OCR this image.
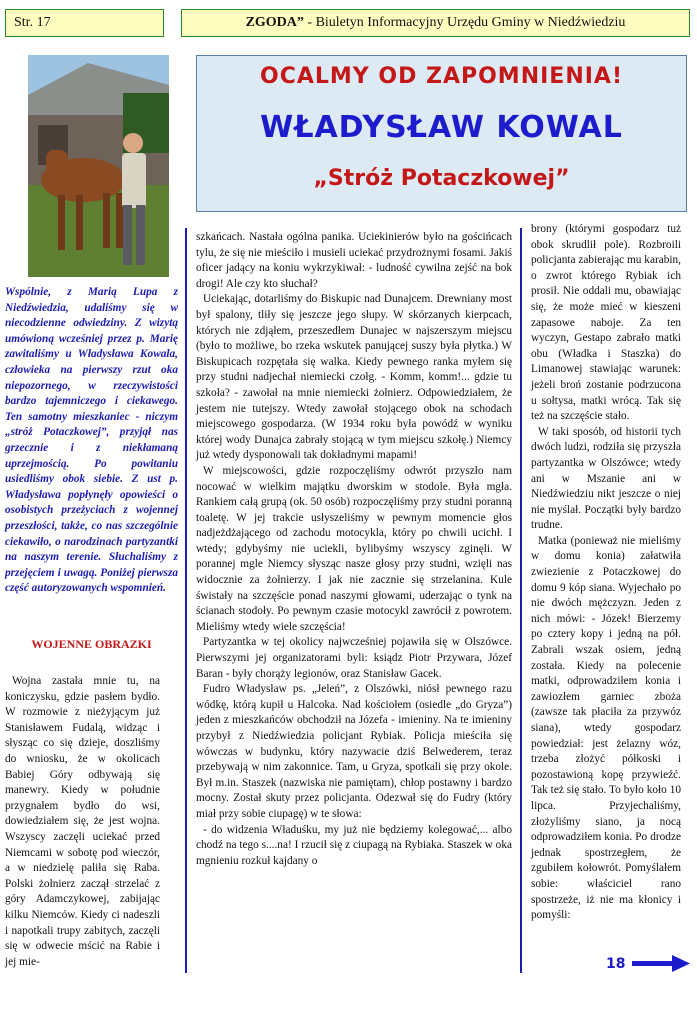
Str. 17	ZGODA” - Biuletyn Informacyjny Urzędu Gminy w Niedźwiedziu
OCALMY OD ZAPOMNIENIA!
WŁADYSŁAW KOWAL
„Stróż Potaczkowej”
Wspólnie, z Marią Lupa z Niedźwiedzia, udaliśmy się w niecodzienne odwiedziny. Z wizytą umówioną wcześniej przez p. Marię zawitaliśmy u Władysława Kowala, człowieka na pierwszy rzut oka niepozornego, w rzeczywistości bardzo tajemniczego i ciekawego. Ten samotny mieszkaniec - niczym „stróż Potaczkowej”, przyjął nas grzecznie i z niekłamaną uprzejmością. Po powitaniu usiedliśmy obok siebie. Z ust p. Władysława popłynęły opowieści o osobistych przeżyciach z wojennej przeszłości, także, co nas szczególnie ciekawiło, o narodzinach partyzantki na naszym terenie. Słuchaliśmy z przejęciem i uwagą. Poniżej pierwsza część autoryzowanych wspomnień.
WOJENNE OBRAZKI

Wojna zastała mnie tu, na koniczysku, gdzie pasłem bydło. W rozmowie z nieżyjącym już Stanisławem Fudalą, widząc i słysząc co się dzieje, doszliśmy do wniosku, że w okolicach Babiej Góry odbywają się manewry. Kiedy w południe przygnałem bydło do wsi, dowiedziałem się, że jest wojna. Wszyscy zaczęli uciekać przed Niemcami w sobotę pod wieczór, a w niedzielę paliła się Raba. Polski żołnierz zaczął strzelać z góry Adamczykowej, zabijając kilku Niemców. Kiedy ci nadeszli i napotkali trupy zabitych, zaczęli się w odwecie mścić na Rabie i jej mie-

szkańcach. Nastała ogólna panika. Uciekinierów było na gościńcach tylu, że się nie mieściło i musieli uciekać przydrożnymi fosami. Jakiś oficer jadący na koniu wykrzykiwał: - ludność cywilna zejść na bok drogi! Ale czy kto słuchał?

Uciekając, dotarliśmy do Biskupic nad Dunajcem. Drewniany most był spalony, tliły się jeszcze jego słupy. W skórzanych kierpcach, których nie zdjąłem, przeszedłem Dunajec w najszerszym miejscu (było to możliwe, bo rzeka wskutek panującej suszy była płytka.) W Biskupicach rozpętała się walka. Kiedy pewnego ranka myłem się przy studni nadjechał niemiecki czołg. - Komm, komm!... gdzie tu szkoła? - zawołał na mnie niemiecki żołnierz. Odpowiedziałem, że jestem nie tutejszy. Wtedy zawołał stojącego obok na schodach miejscowego gospodarza. (W 1934 roku była powódź w wyniku której wody Dunajca zabrały stojącą w tym miejscu szkołę.) Niemcy już wtedy dysponowali tak dokładnymi mapami!

W miejscowości, gdzie rozpoczęliśmy odwrót przyszło nam nocować w wielkim majątku dworskim w stodole. Była mgła. Rankiem całą grupą (ok. 50 osób) rozpoczęliśmy przy studni poranną toaletę. W jej trakcie usłyszeliśmy w pewnym momencie głos nadjeżdżającego od zachodu motocykla, który po chwili ucichł. I wtedy; gdybyśmy nie uciekli, bylibyśmy wszyscy zginęli. W porannej mgle Niemcy słysząc nasze głosy przy studni, wzięli nas widocznie za żołnierzy. I jak nie zacznie się strzelanina. Kule świstały na szczęście ponad naszymi głowami, uderzając o tynk na ścianach stodoły. Po pewnym czasie motocykl zawrócił z powrotem. Mieliśmy wtedy wiele szczęścia!

Partyzantka w tej okolicy najwcześniej pojawiła się w Olszówce. Pierwszymi jej organizatorami byli: ksiądz Piotr Przywara, Józef Baran - były chorąży legionów, oraz Stanisław Gacek.

Fudro Władysław ps. „Jeleń”, z Olszówki, niósł pewnego razu wódkę, którą kupił u Halcoka. Nad kościołem (osiedle „do Gryza”) jeden z mieszkańców obchodził na Józefa - imieniny. Na te imieniny przybył z Niedźwiedzia policjant Rybiak. Policja mieściła się wówczas w budynku, który nazywacie dziś Belwederem, teraz przebywają w nim zakonnice. Tam, u Gryza, spotkali się przy okole. Był m.in. Staszek (nazwiska nie pamiętam), chłop postawny i bardzo mocny. Został skuty przez policjanta. Odezwał się do Fudry (który miał przy sobie ciupagę) w te słowa:

- do widzenia Właduśku, my już nie będziemy kolegować,... albo chodź na tego s....na! I rzucił się z ciupagą na Rybiaka. Staszek w oka mgnieniu rozkuł kajdany o

brony (którymi gospodarz tuż obok skrudlił pole). Rozbroili policjanta zabierając mu karabin, o zwrot którego Rybiak ich prosił. Nie oddali mu, obawiając się, że może mieć w kieszeni zapasowe naboje. Za ten wyczyn, Gestapo zabrało matki obu (Władka i Staszka) do Limanowej stawiając warunek: jeżeli broń zostanie podrzucona u sołtysa, matki wrócą. Tak się też na szczęście stało.

W taki sposób, od historii tych dwóch ludzi, rodziła się przyszła partyzantka w Olszówce; wtedy ani w Mszanie ani w Niedźwiedziu nikt jeszcze o niej nie myślał. Początki były bardzo trudne.

Matka (ponieważ nie mieliśmy w domu konia) załatwiła zwiezienie z Potaczkowej do domu 9 kóp siana. Wyjechało po nie dwóch mężczyzn. Jeden z nich mówi: - Józek! Bierzemy po cztery kopy i jedną na pół. Zabrali wszak osiem, jedną została. Kiedy na polecenie matki, odprowadziłem konia i zawiozłem garniec zboża (zawsze tak płaciła za przywóz siana), wtedy gospodarz powiedział: jest żelazny wóz, trzeba złożyć półkoski i pozostawioną kopę przywieźć. Tak też się stało. To było koło 10 lipca. Przyjechaliśmy, złożyliśmy siano, ja nocą odprowadziłem konia. Po drodze jednak spostrzegłem, że zgubiłem kołowrót. Pomyślałem sobie: właściciel rano spostrzeże, iż nie ma kłonicy i pomyśli:

18
